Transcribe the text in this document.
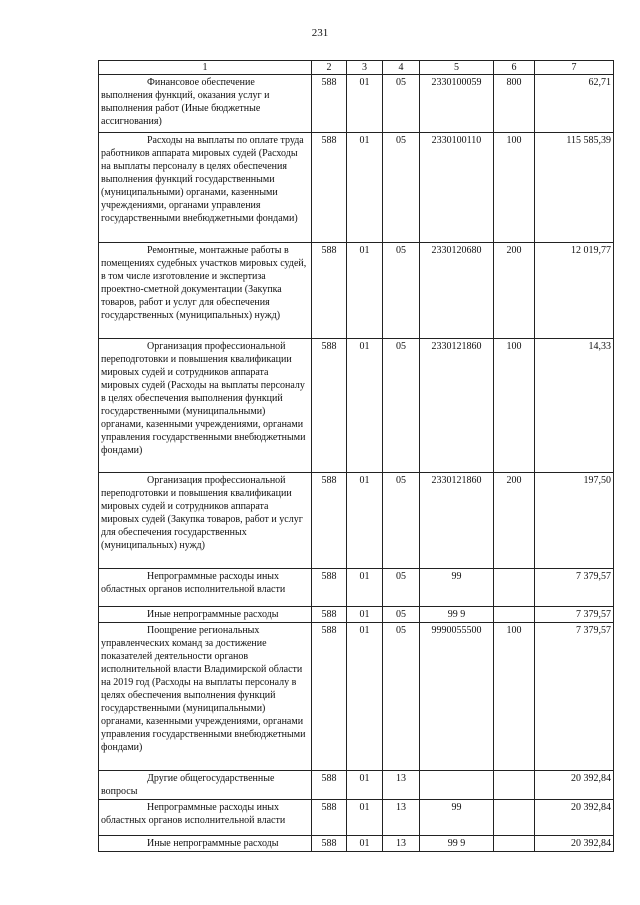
231
1	2	3	4	5	6	7

Финансовое обеспечение выполнения функций, оказания услуг и выполнения работ (Иные бюджетные ассигнования)	588	01	05	2330100059	800	62,71

Расходы на выплаты по оплате труда работников аппарата мировых судей (Расходы на выплаты персоналу в целях обеспечения выполнения функций государственными (муниципальными) органами, казенными учреждениями, органами управления государственными внебюджетными фондами)	588	01	05	2330100110	100	115 585,39

Ремонтные, монтажные работы в помещениях судебных участков мировых судей, в том числе изготовление и экспертиза проектно-сметной документации (Закупка товаров, работ и услуг для обеспечения государственных (муниципальных) нужд)	588	01	05	2330120680	200	12 019,77

Организация профессиональной переподготовки и повышения квалификации мировых судей и сотрудников аппарата мировых судей (Расходы на выплаты персоналу в целях обеспечения выполнения функций государственными (муниципальными) органами, казенными учреждениями, органами управления государственными внебюджетными фондами)	588	01	05	2330121860	100	14,33

Организация профессиональной переподготовки и повышения квалификации мировых судей и сотрудников аппарата мировых судей (Закупка товаров, работ и услуг для обеспечения государственных (муниципальных) нужд)	588	01	05	2330121860	200	197,50

Непрограммные расходы иных областных органов исполнительной власти	588	01	05	99		7 379,57

Иные непрограммные расходы	588	01	05	99 9		7 379,57

Поощрение региональных управленческих команд за достижение показателей деятельности органов исполнительной власти Владимирской области на 2019 год (Расходы на выплаты персоналу в целях обеспечения выполнения функций государственными (муниципальными) органами, казенными учреждениями, органами управления государственными внебюджетными фондами)	588	01	05	9990055500	100	7 379,57

Другие общегосударственные вопросы	588	01	13			20 392,84

Непрограммные расходы иных областных органов исполнительной власти	588	01	13	99		20 392,84

Иные непрограммные расходы	588	01	13	99 9		20 392,84
